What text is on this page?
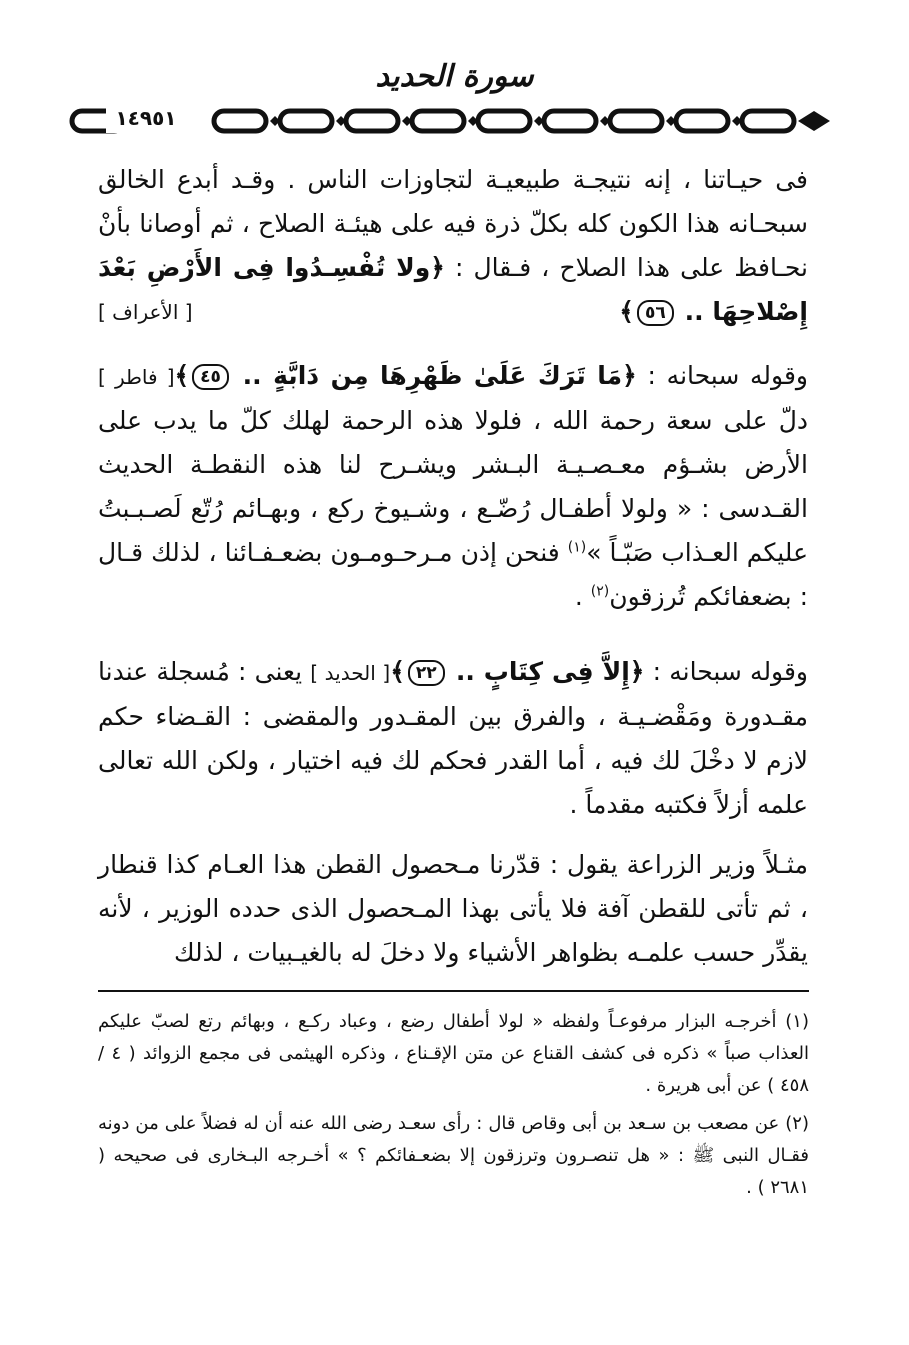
سورة الحديد
١٤٩٥١

فى حيـاتنا ، إنه نتيجـة طبيعيـة لتجاوزات الناس . وقـد أبدع الخالق سبحـانه هذا الكون كله بكلّ ذرة فيه على هيئـة الصلاح ، ثم أوصانا بأنْ نحـافظ على هذا الصلاح ، فـقال : ﴿ولا تُفْسِـدُوا فِى الأَرْضِ بَعْدَ إِصْلاحِهَا .. ٥٦﴾
[ الأعراف ]

وقوله سبحانه : ﴿مَا تَرَكَ عَلَىٰ ظَهْرِهَا مِن دَابَّةٍ .. ٤٥﴾[ فاطر ] دلّ على سعة رحمة الله ، فلولا هذه الرحمة لهلك كلّ ما يدب على الأرض بشـؤم معـصـيـة البـشر ويشـرح لنا هذه النقطـة الحديث القـدسى : « ولولا أطفـال رُضّـع ، وشـيوخ ركع ، وبهـائم رُتّع لَصـبـبتُ عليكم العـذاب صَبّـاً »$^{(١)}$ فنحن إذن مـرحـومـون بضعـفـائنا ، لذلك قـال : بضعفائكم تُرزقون$^{(٢)}$ .

وقوله سبحانه : ﴿إِلاَّ فِى كِتَابٍ .. ٢٢﴾[ الحديد ] يعنى : مُسجلة عندنا مقـدورة ومَقْضـيـة ، والفرق بين المقـدور والمقضى : القـضاء حكم لازم لا دخْلَ لك فيه ، أما القدر فحكم لك فيه اختيار ، ولكن الله تعالى علمه أزلاً فكتبه مقدماً .

مثـلاً وزير الزراعة يقول : قدّرنا مـحصول القطن هذا العـام كذا قنطار ، ثم تأتى للقطن آفة فلا يأتى بهذا المـحصول الذى حدده الوزير ، لأنه يقدِّر حسب علمـه بظواهر الأشياء ولا دخلَ له بالغيـبيات ، لذلك

(١) أخرجـه البزار مرفوعـاً ولفظه « لولا أطفال رضع ، وعباد ركـع ، وبهائم رتع لصبّ عليكم العذاب صباً » ذكره فى كشف القناع عن متن الإقـناع ، وذكره الهيثمى فى مجمع الزوائد ( ٤ / ٤٥٨ ) عن أبى هريرة .

(٢) عن مصعب بن سـعد بن أبى وقاص قال : رأى سعـد رضى الله عنه أن له فضلاً على من دونه فقـال النبى ﷺ : « هل تنصـرون وترزقون إلا بضعـفائكم ؟ » أخـرجه البـخارى فى صحيحه ( ٢٦٨١ ) .
